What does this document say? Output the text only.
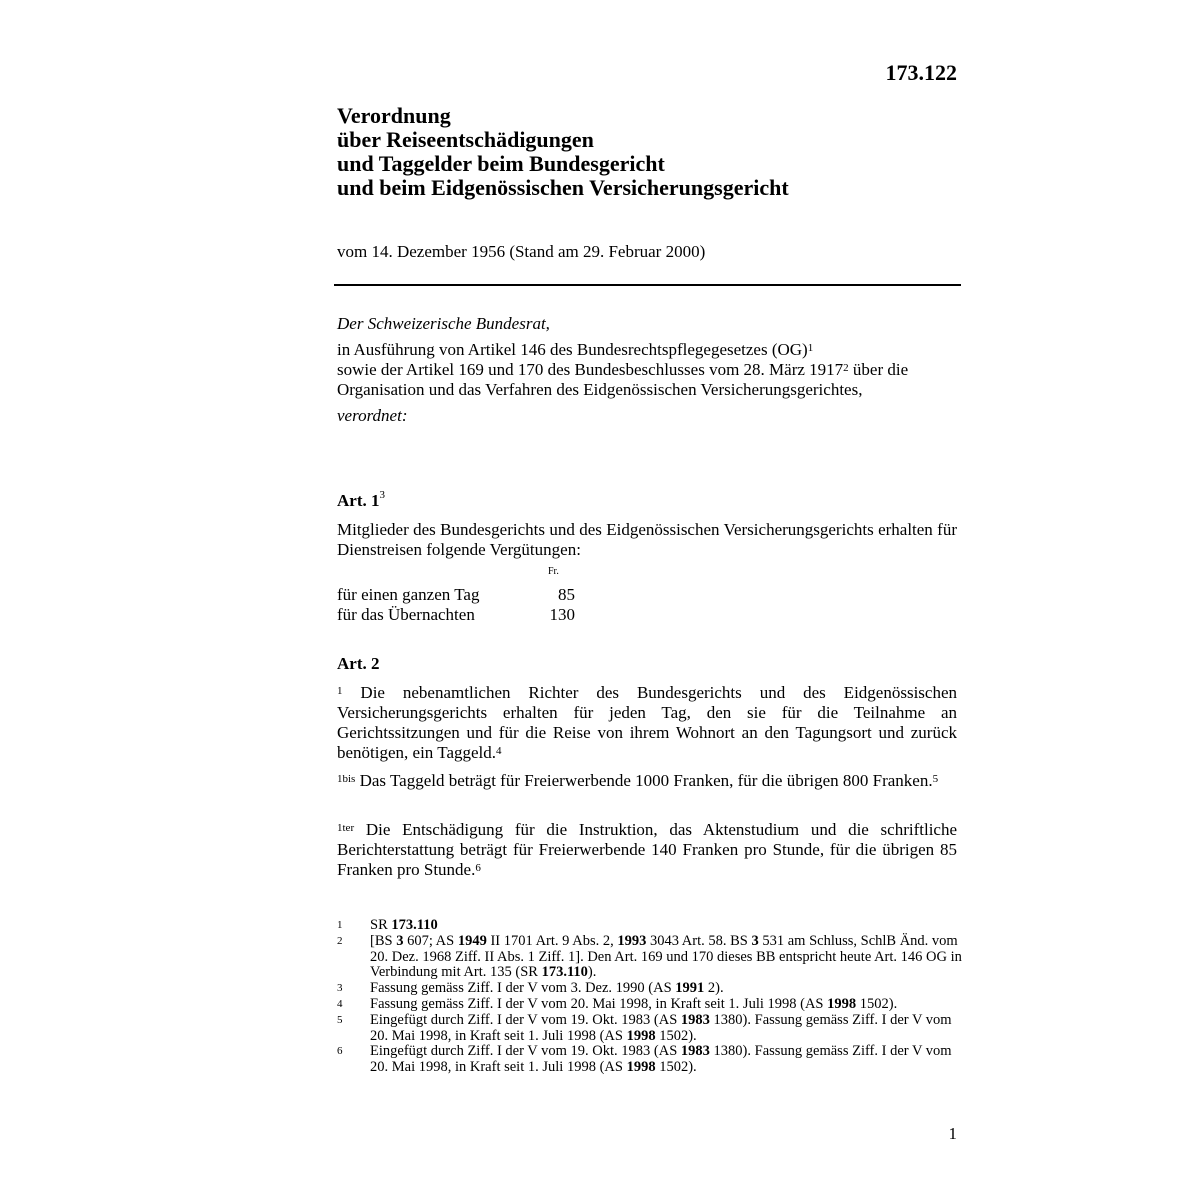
173.122
Verordnung
über Reiseentschädigungen
und Taggelder beim Bundesgericht
und beim Eidgenössischen Versicherungsgericht
vom 14. Dezember 1956 (Stand am 29. Februar 2000)
Der Schweizerische Bundesrat,
in Ausführung von Artikel 146 des Bundesrechtspflegegesetzes (OG)$^1$
sowie der Artikel 169 und 170 des Bundesbeschlusses vom 28. März 1917$^2$ über die
Organisation und das Verfahren des Eidgenössischen Versicherungsgerichtes,
verordnet:
Art. $1^3$
Mitglieder des Bundesgerichts und des Eidgenössischen Versicherungsgerichts erhalten für Dienstreisen folgende Vergütungen:
Fr.
für einen ganzen Tag	85
für das Übernachten	130
Art. 2
$^1$ Die nebenamtlichen Richter des Bundesgerichts und des Eidgenössischen Versicherungsgerichts erhalten für jeden Tag, den sie für die Teilnahme an Gerichtssitzungen und für die Reise von ihrem Wohnort an den Tagungsort und zurück benötigen, ein Taggeld.$^4$
$^{1bis}$ Das Taggeld beträgt für Freierwerbende 1000 Franken, für die übrigen 800 Franken.$^5$
$^{1ter}$ Die Entschädigung für die Instruktion, das Aktenstudium und die schriftliche Berichterstattung beträgt für Freierwerbende 140 Franken pro Stunde, für die übrigen 85 Franken pro Stunde.$^6$
1	SR 173.110
2	[BS 3 607; AS 1949 II 1701 Art. 9 Abs. 2, 1993 3043 Art. 58. BS 3 531 am Schluss, SchlB Änd. vom 20. Dez. 1968 Ziff. II Abs. 1 Ziff. 1]. Den Art. 169 und 170 dieses BB entspricht heute Art. 146 OG in Verbindung mit Art. 135 (SR 173.110).
3	Fassung gemäss Ziff. I der V vom 3. Dez. 1990 (AS 1991 2).
4	Fassung gemäss Ziff. I der V vom 20. Mai 1998, in Kraft seit 1. Juli 1998 (AS 1998 1502).
5	Eingefügt durch Ziff. I der V vom 19. Okt. 1983 (AS 1983 1380). Fassung gemäss Ziff. I der V vom 20. Mai 1998, in Kraft seit 1. Juli 1998 (AS 1998 1502).
6	Eingefügt durch Ziff. I der V vom 19. Okt. 1983 (AS 1983 1380). Fassung gemäss Ziff. I der V vom 20. Mai 1998, in Kraft seit 1. Juli 1998 (AS 1998 1502).
1
